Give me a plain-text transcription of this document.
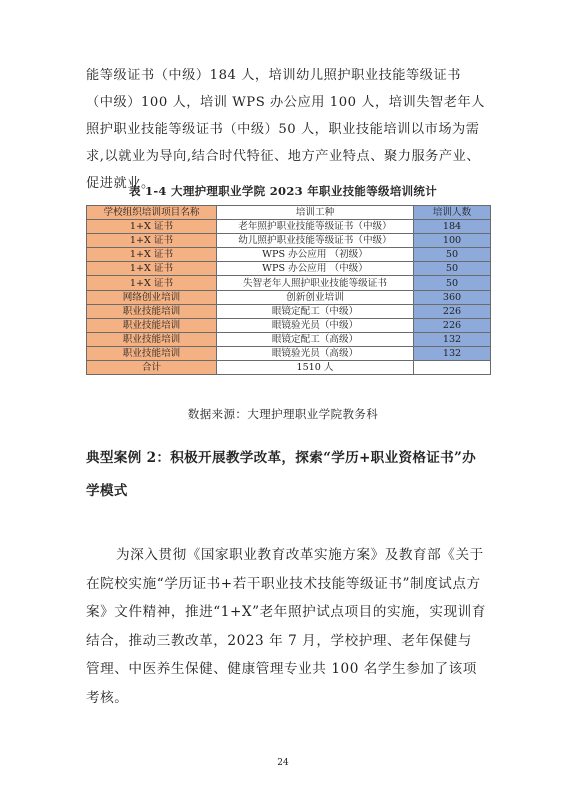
能等级证书（中级）184 人，培训幼儿照护职业技能等级证书（中级）100 人，培训 WPS 办公应用 100 人，培训失智老年人照护职业技能等级证书（中级）50 人，职业技能培训以市场为需求,以就业为导向,结合时代特征、地方产业特点、聚力服务产业、促进就业。

表 1-4 大理护理职业学院 2023 年职业技能等级培训统计
学校组织培训项目名称	培训工种	培训人数
1+X 证书	老年照护职业技能等级证书（中级）	184
1+X 证书	幼儿照护职业技能等级证书（中级）	100
1+X 证书	WPS 办公应用 （初级）	50
1+X 证书	WPS 办公应用 （中级）	50
1+X 证书	失智老年人照护职业技能等级证书	50
网络创业培训	创新创业培训	360
职业技能培训	眼镜定配工（中级）	226
职业技能培训	眼镜验光员（中级）	226
职业技能培训	眼镜定配工（高级）	132
职业技能培训	眼镜验光员（高级）	132
合计	1510 人	
数据来源：大理护理职业学院教务科

典型案例 2：积极开展教学改革，探索“学历+职业资格证书”办学模式

为深入贯彻《国家职业教育改革实施方案》及教育部《关于在院校实施“学历证书+若干职业技术技能等级证书”制度试点方案》文件精神，推进“1+X”老年照护试点项目的实施，实现训育结合，推动三教改革，2023 年 7 月，学校护理、老年保健与管理、中医养生保健、健康管理专业共 100 名学生参加了该项考核。

24
